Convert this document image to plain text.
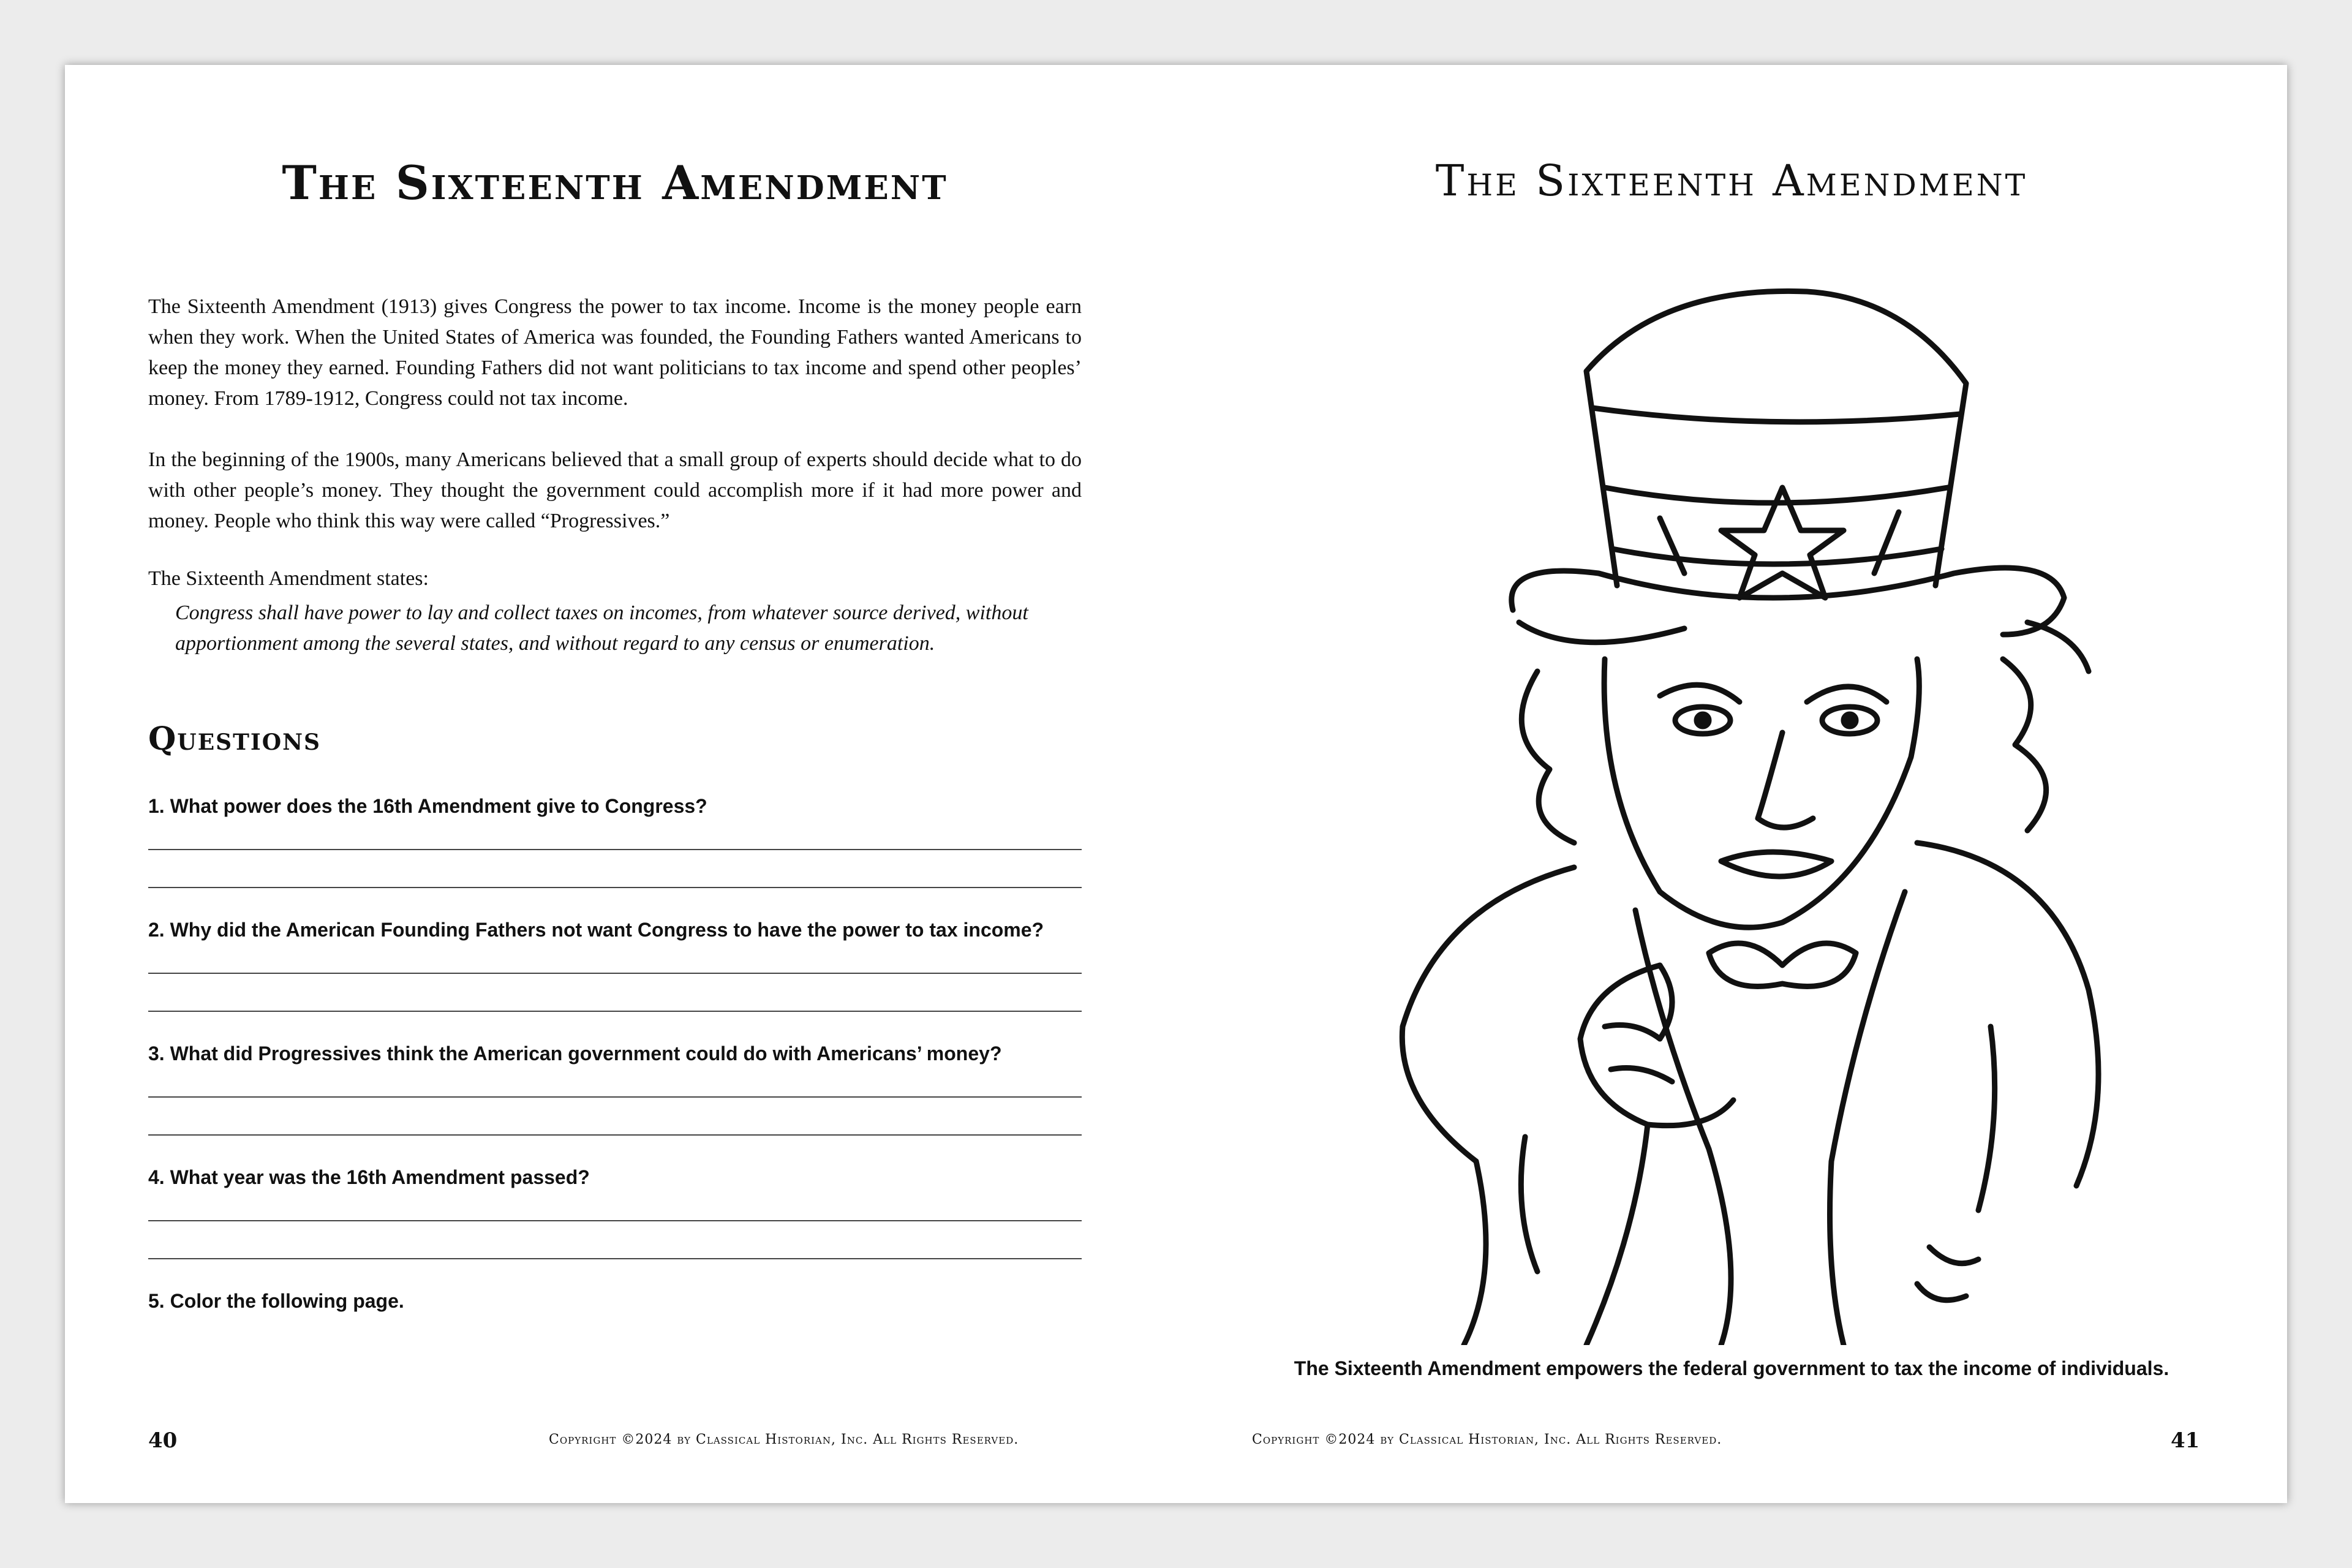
The Sixteenth Amendment

The Sixteenth Amendment (1913) gives Congress the power to tax income. Income is the money people earn when they work. When the United States of America was founded, the Founding Fathers wanted Americans to keep the money they earned. Founding Fathers did not want politicians to tax income and spend other peoples’ money. From 1789-1912, Congress could not tax income.

In the beginning of the 1900s, many Americans believed that a small group of experts should decide what to do with other people’s money. They thought the government could accomplish more if it had more power and money. People who think this way were called “Progressives.”

The Sixteenth Amendment states:

Congress shall have power to lay and collect taxes on incomes, from whatever source derived, without apportionment among the several states, and without regard to any census or enumeration.

Questions

1. What power does the 16th Amendment give to Congress?

2. Why did the American Founding Fathers not want Congress to have the power to tax income?

3. What did Progressives think the American government could do with Americans’ money?

4. What year was the 16th Amendment passed?

5. Color the following page.

40	Copyright ©2024 by Classical Historian, Inc. All Rights Reserved.

The Sixteenth Amendment

The Sixteenth Amendment empowers the federal government to tax the income of individuals.

Copyright ©2024 by Classical Historian, Inc. All Rights Reserved.	41
